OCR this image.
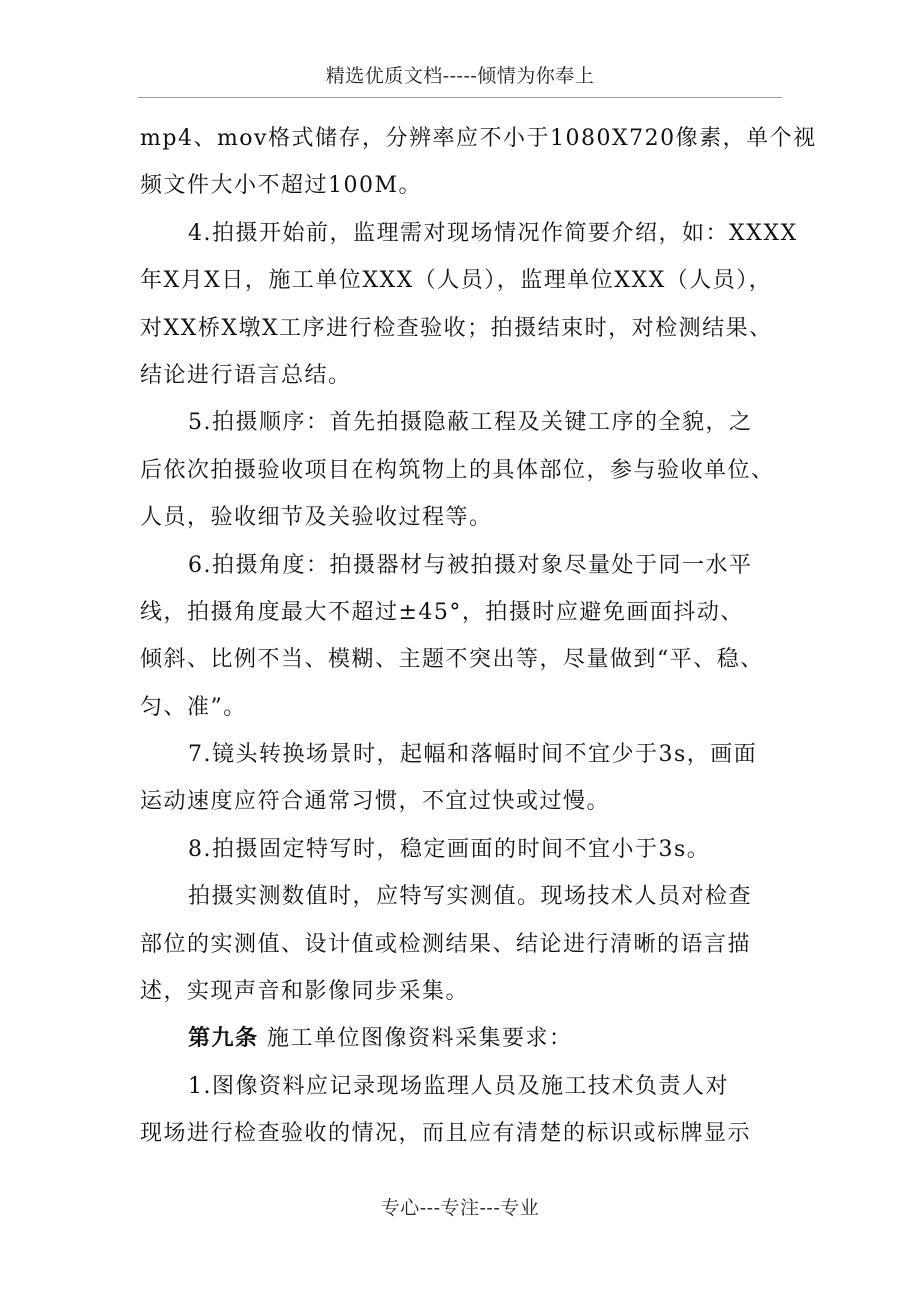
精选优质文档-----倾情为你奉上
mp4、mov格式储存，分辨率应不小于1080X720像素，单个视
频文件大小不超过100M。
4.拍摄开始前，监理需对现场情况作简要介绍，如：XXXX
年X月X日，施工单位XXX（人员），监理单位XXX（人员），
对XX桥X墩X工序进行检查验收；拍摄结束时，对检测结果、
结论进行语言总结。
5.拍摄顺序：首先拍摄隐蔽工程及关键工序的全貌，之
后依次拍摄验收项目在构筑物上的具体部位，参与验收单位、
人员，验收细节及关验收过程等。
6.拍摄角度：拍摄器材与被拍摄对象尽量处于同一水平
线，拍摄角度最大不超过±45°，拍摄时应避免画面抖动、
倾斜、比例不当、模糊、主题不突出等，尽量做到“平、稳、
匀、准”。
7.镜头转换场景时，起幅和落幅时间不宜少于3s，画面
运动速度应符合通常习惯，不宜过快或过慢。
8.拍摄固定特写时，稳定画面的时间不宜小于3s。
拍摄实测数值时，应特写实测值。现场技术人员对检查
部位的实测值、设计值或检测结果、结论进行清晰的语言描
述，实现声音和影像同步采集。
第九条 施工单位图像资料采集要求：
1.图像资料应记录现场监理人员及施工技术负责人对
现场进行检查验收的情况，而且应有清楚的标识或标牌显示
专心---专注---专业
